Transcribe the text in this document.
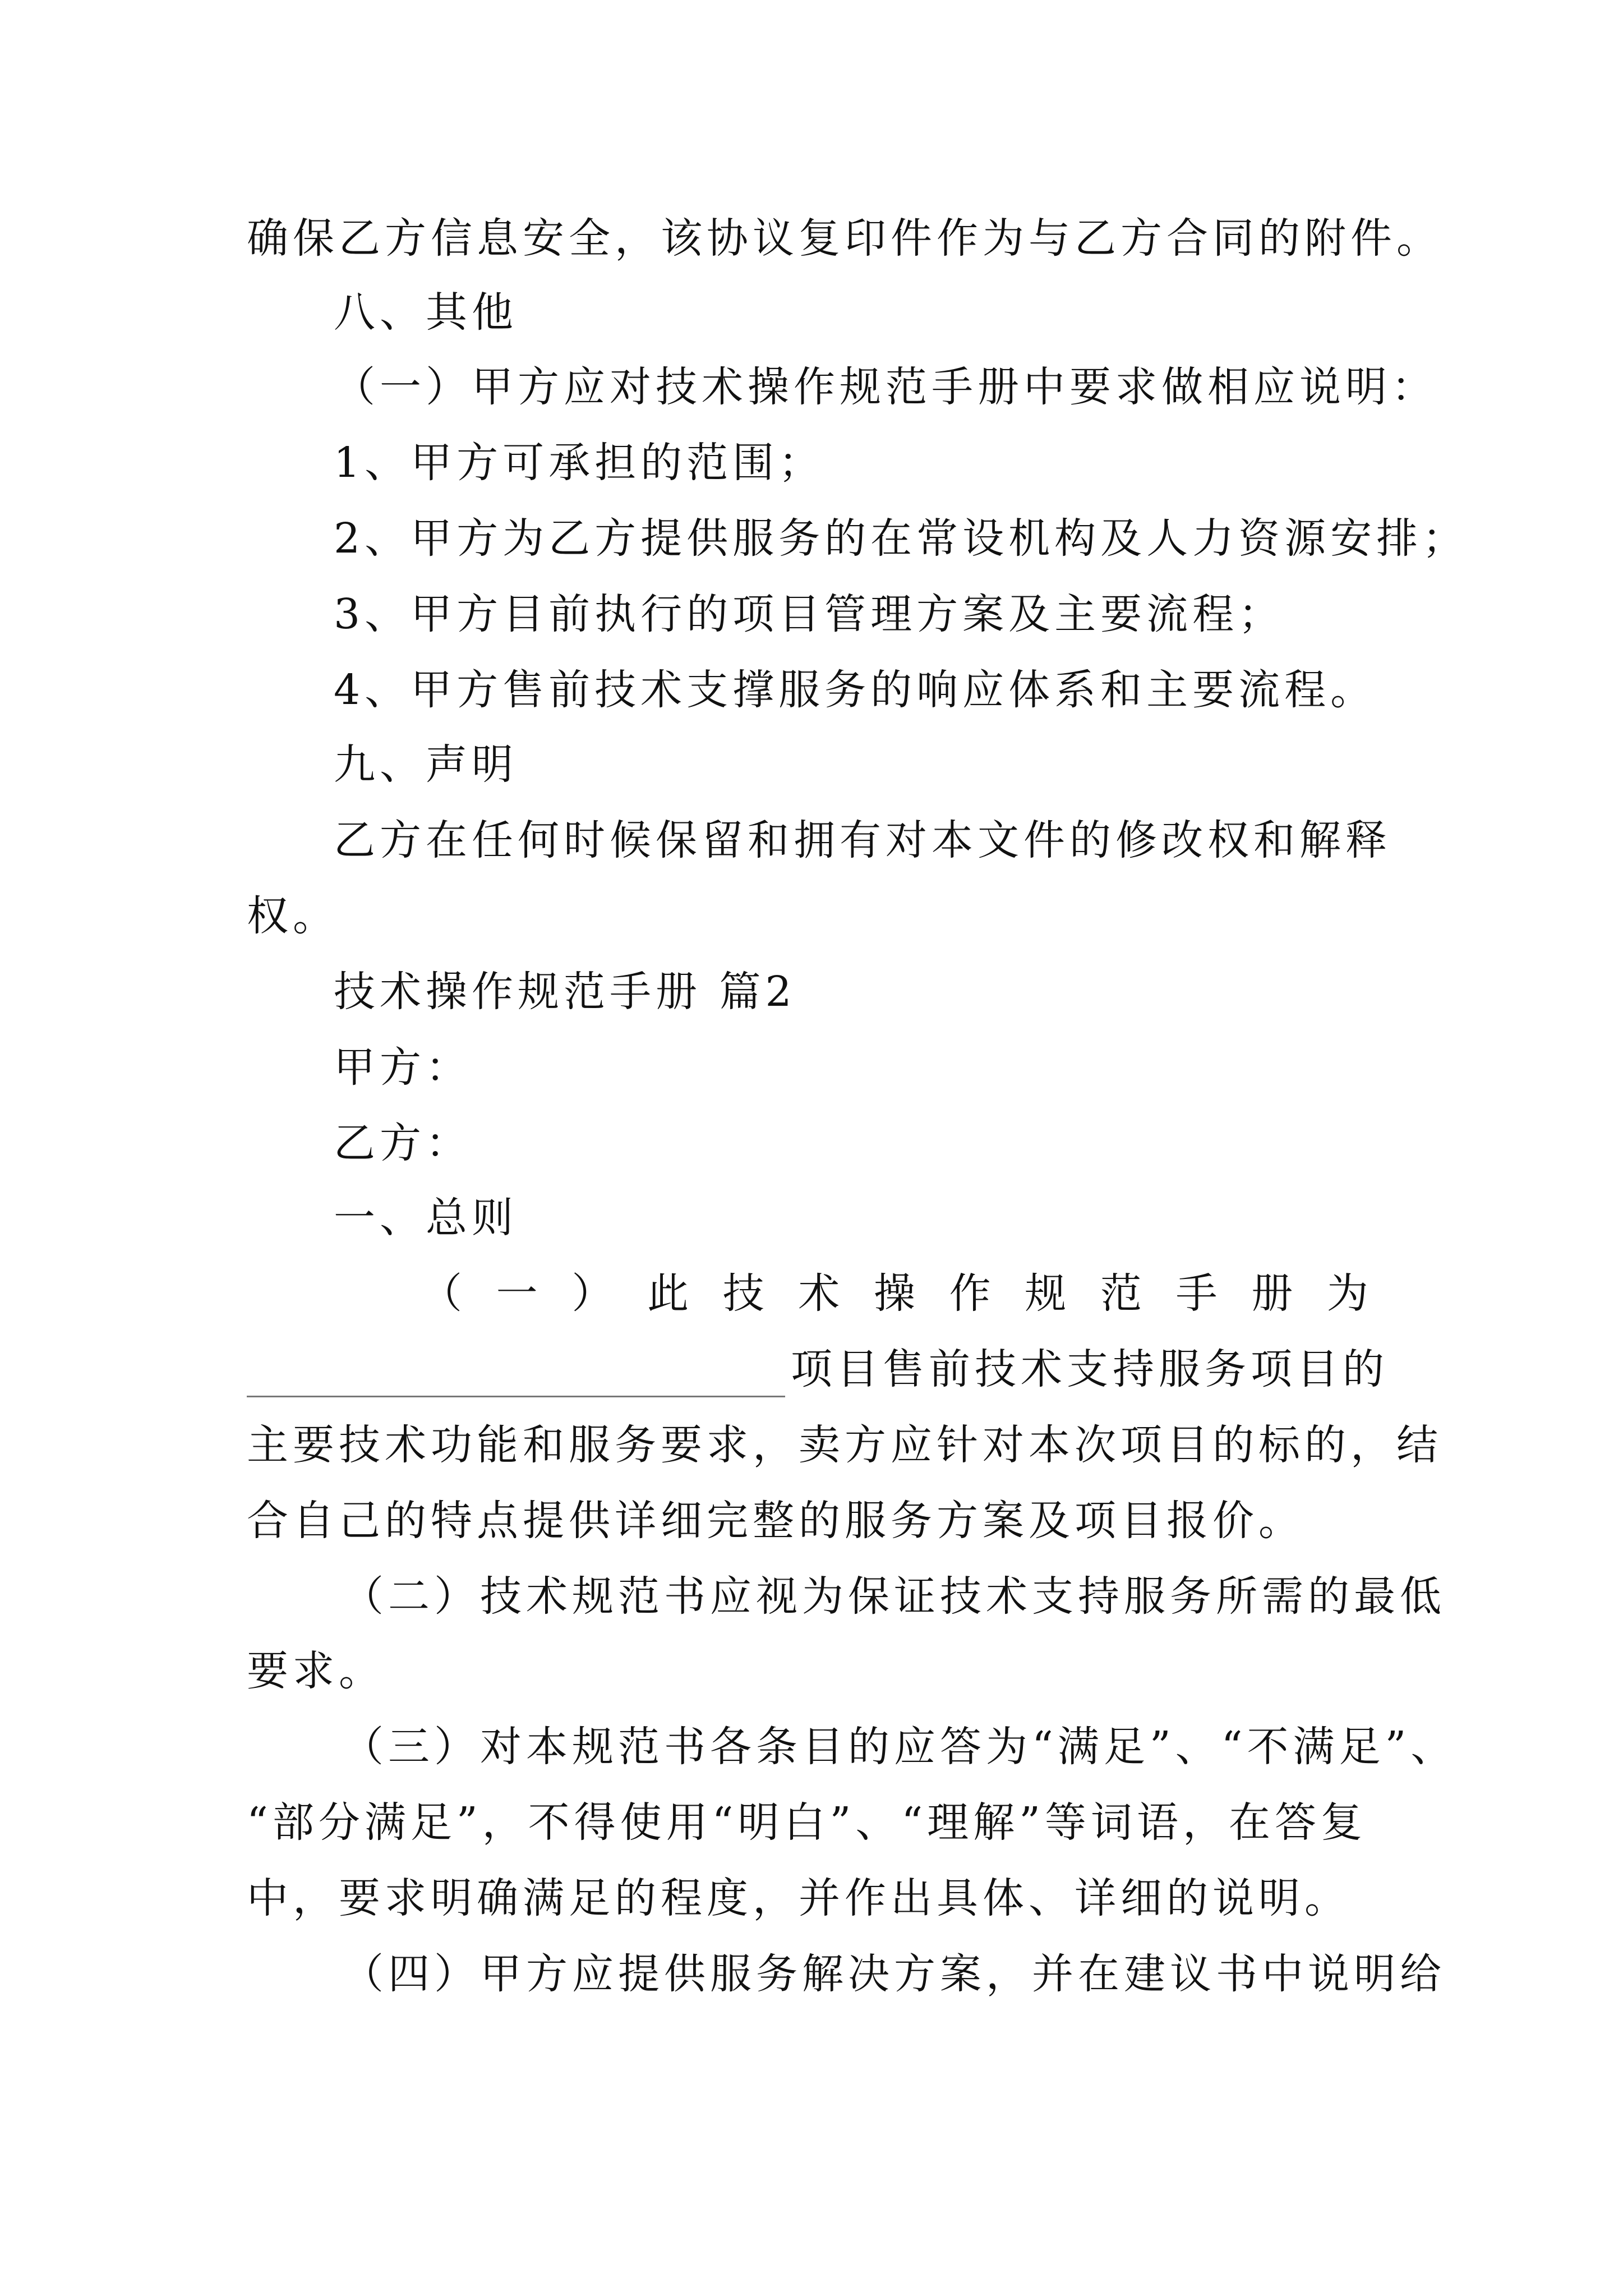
确保乙方信息安全，该协议复印件作为与乙方合同的附件。
八、其他
（一）甲方应对技术操作规范手册中要求做相应说明：
1、甲方可承担的范围；
2、甲方为乙方提供服务的在常设机构及人力资源安排；
3、甲方目前执行的项目管理方案及主要流程；
4、甲方售前技术支撑服务的响应体系和主要流程。
九、声明
乙方在任何时候保留和拥有对本文件的修改权和解释
权。
技术操作规范手册 篇2
甲方：
乙方：
一、总则
（ 一 ） 此 技 术 操 作 规 范 手 册 为
项目售前技术支持服务项目的
主要技术功能和服务要求，卖方应针对本次项目的标的，结
合自己的特点提供详细完整的服务方案及项目报价。
（二）技术规范书应视为保证技术支持服务所需的最低
要求。
（三）对本规范书各条目的应答为“满足”、“不满足”、
“部分满足”，不得使用“明白”、“理解”等词语，在答复
中，要求明确满足的程度，并作出具体、详细的说明。
（四）甲方应提供服务解决方案，并在建议书中说明给
